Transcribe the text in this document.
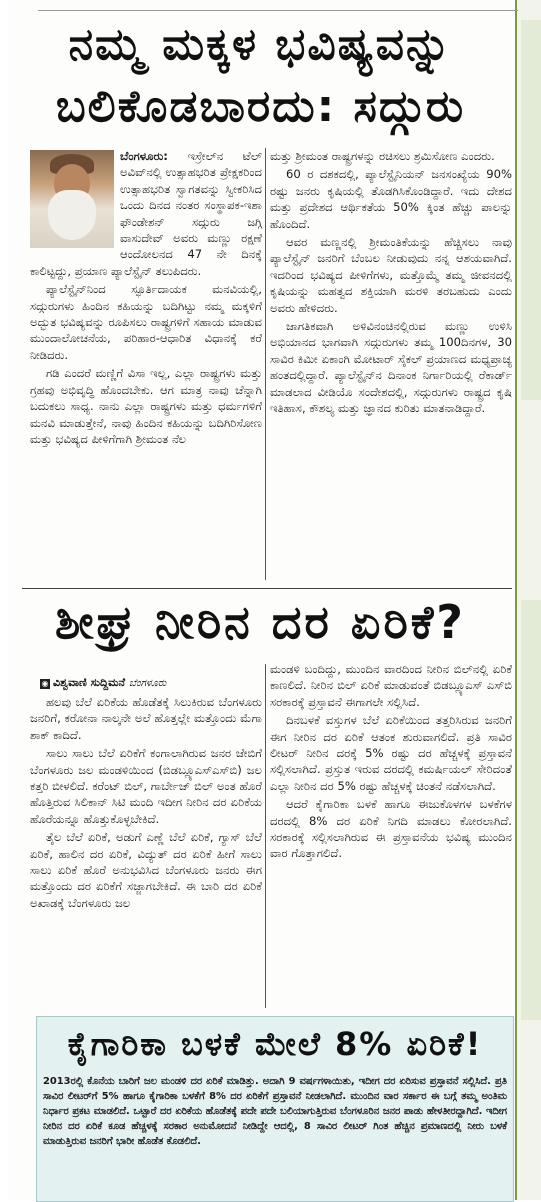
ನಮ್ಮ ಮಕ್ಕಳ ಭವಿಷ್ಯವನ್ನು
ಬಲಿಕೊಡಬಾರದು: ಸದ್ಗುರು

ಬೆಂಗಳೂರು: ಇಸ್ರೇಲ್‌ನ ಟೆಲ್ ಅವಿವ್‌ನಲ್ಲಿ ಉತ್ಸಾಹಭರಿತ ಪ್ರೇಕ್ಷಕರಿಂದ ಉತ್ಸಾಹಭರಿತ ಸ್ವಾಗತವನ್ನು ಸ್ವೀಕರಿಸಿದ ಒಂದು ದಿನದ ನಂತರ ಸಂಸ್ಥಾಪಕ-ಇಶಾ ಫೌಂಡೇಶನ್ ಸದ್ಗುರು ಜಗ್ಗಿ ವಾಸುದೇವ್ ಅವರು ಮಣ್ಣು ರಕ್ಷಣೆ ಆಂದೋಲನದ 47 ನೇ ದಿನಕ್ಕೆ ಕಾಲಿಟ್ಟದ್ದು, ಪ್ರಯಾಣ ಪ್ಯಾಲೆಸ್ಟೈನ್ ತಲುಪಿದರು.

ಪ್ಯಾಲೆಸ್ಟೈನ್‌ನಿಂದ ಸ್ಫೂರ್ತಿದಾಯಕ ಮನವಿಯಲ್ಲಿ, ಸದ್ಗುರುಗಳು ಹಿಂದಿನ ಕಹಿಯನ್ನು ಬದಿಗಿಟ್ಟು ನಮ್ಮ ಮಕ್ಕಳಿಗೆ ಅದ್ಭುತ ಭವಿಷ್ಯವನ್ನು ರೂಪಿಸಲು ರಾಷ್ಟ್ರಗಳಿಗೆ ಸಹಾಯ ಮಾಡುವ ಮುಂದಾಲೋಚನೆಯ, ಪರಿಹಾರ-ಆಧಾರಿತ ವಿಧಾನಕ್ಕೆ ಕರೆ ನೀಡಿದರು.

ಗಡಿ ಎಂದರೆ ಮಣ್ಣಿಗೆ ವಿಸಾ ಇಲ್ಲ, ಎಲ್ಲಾ ರಾಷ್ಟ್ರಗಳು ಮತ್ತು ಗ್ರಹವು ಅಭಿವೃದ್ಧಿ ಹೊಂದಬೇಕು. ಆಗ ಮಾತ್ರ ನಾವು ಚೆನ್ನಾಗಿ ಬದುಕಲು ಸಾಧ್ಯ. ನಾನು ಎಲ್ಲಾ ರಾಷ್ಟ್ರಗಳು ಮತ್ತು ಧರ್ಮಗಳಿಗೆ ಮನವಿ ಮಾಡುತ್ತೇನೆ, ನಾವು ಹಿಂದಿನ ಕಹಿಯನ್ನು ಬದಿಗಿರಿಸೋಣ ಮತ್ತು ಭವಿಷ್ಯದ ಪೀಳಿಗೆಗಾಗಿ ಶ್ರೀಮಂತ ನೆಲ

ಮತ್ತು ಶ್ರೀಮಂತ ರಾಷ್ಟ್ರಗಳನ್ನು ರಚಿಸಲು ಶ್ರಮಿಸೋಣ ಎಂದರು.

60 ರ ದಶಕದಲ್ಲಿ, ಪ್ಯಾಲೆಸ್ಟೈನಿಯನ್ ಜನಸಂಖ್ಯೆಯ 90% ರಷ್ಟು ಜನರು ಕೃಷಿಯಲ್ಲಿ ತೊಡಗಿಸಿಕೊಂಡಿದ್ದಾರೆ. ಇದು ದೇಶದ ಮತ್ತು ಪ್ರದೇಶದ ಆರ್ಥಿಕತೆಯ 50% ಕ್ಕಿಂತ ಹೆಚ್ಚು ಪಾಲನ್ನು ಹೊಂದಿದೆ.

ಆವರ ಮಣ್ಣನಲ್ಲಿ ಶ್ರೀಮಂತಿಕೆಯನ್ನು ಹೆಚ್ಚಿಸಲು ನಾವು ಪ್ಯಾಲೆಸ್ಟೈನ್ ಜನರಿಗೆ ಬೆಂಬಲ ನೀಡುವುದು ನನ್ನ ಆಶಯವಾಗಿದೆ. ಇದರಿಂದ ಭವಿಷ್ಯದ ಪೀಳಿಗೆಗಳು, ಮತ್ತೊಮ್ಮೆ ತಮ್ಮ ಜೀವನದಲ್ಲಿ ಕೃಷಿಯನ್ನು ಮಹತ್ವದ ಶಕ್ತಿಯಾಗಿ ಮರಳಿ ತರಬಹುದು ಎಂದು ಅವರು ಹೇಳಿದರು.

ಜಾಗತಿಕವಾಗಿ ಅಳಿವಿನಂಚಿನಲ್ಲಿರುವ ಮಣ್ಣು ಉಳಿಸಿ ಅಭಿಯಾನದ ಭಾಗವಾಗಿ ಸದ್ಗುರುಗಳು ತಮ್ಮ 100ದಿನಗಳ, 30 ಸಾವಿರ ಕಿಮೀ ಏಕಾಂಗಿ ಮೋಟಾರ್ ಸೈಕಲ್ ಪ್ರಯಾಣದ ಮಧ್ಯಪ್ರಾಚ್ಯ ಹಂತದಲ್ಲಿದ್ದಾರೆ. ಪ್ಯಾಲೆಸ್ಟೈನ್‌ನ ದಿನಾಂಕ ನಿರ್ಗಾರಿಯಲ್ಲಿ ರೆಕಾರ್ಡ್ ಮಾಡಲಾದ ವೀಡಿಯೊ ಸಂದೇಶದಲ್ಲಿ, ಸದ್ಗುರುಗಳು ರಾಷ್ಟ್ರದ ಕೃಷಿ ಇತಿಹಾಸ, ಕೌಶಲ್ಯ ಮತ್ತು ಜ್ಞಾನದ ಕುರಿತು ಮಾತನಾಡಿದ್ದಾರೆ.

ಶೀಘ್ರ ನೀರಿನ ದರ ಏರಿಕೆ?
◉ ವಿಶ್ವವಾಣಿ ಸುದ್ದಿಮನೆ ಬೆಂಗಳೂರು

ಹಲವು ಬೆಲೆ ಏರಿಕೆಯ ಹೊಡೆತಕ್ಕೆ ಸಿಲುಕಿರುವ ಬೆಂಗಳೂರು ಜನರಿಗೆ, ಕರೋನಾ ನಾಲ್ಕನೇ ಅಲೆ ಹೊತ್ತಲ್ಲೇ ಮತ್ತೊಂದು ಮೆಗಾ ಶಾಕ್ ಕಾದಿದೆ.

ಸಾಲು ಸಾಲು ಬೆಲೆ ಏರಿಕೆಗೆ ಕಂಗಾಲಾಗಿರುವ ಜನರ ಜೇಬಿಗೆ ಬೆಂಗಳೂರು ಜಲ ಮಂಡಳಿಯಿಂದ (ಬಿಡಬ್ಲ್ಯೂಎಸ್ಎಸ್‌ಬಿ) ಜಲ ಕತ್ತರಿ ಬೀಳಲಿದೆ. ಕರೆಂಟ್ ಬಿಲ್, ಗಾರ್ಬೇಜ್ ಬಿಲ್ ಅಂತ ಹೊರೆ ಹೊತ್ತಿರುವ ಸಿಲಿಕಾನ್ ಸಿಟಿ ಮಂದಿ ಇದೀಗ ನೀರಿನ ದರ ಏರಿಕೆಯ ಹೊರೆಯನ್ನೂ ಹೊತ್ತುಕೊಳ್ಳಬೇಕಿದೆ.

ತೈಲ ಬೆಲೆ ಏರಿಕೆ, ಅಡುಗೆ ಎಣ್ಣೆ ಬೆಲೆ ಏರಿಕೆ, ಗ್ಯಾಸ್ ಬೆಲೆ ಏರಿಕೆ, ಹಾಲಿನ ದರ ಏರಿಕೆ, ವಿದ್ಯುತ್ ದರ ಏರಿಕೆ ಹೀಗೆ ಸಾಲು ಸಾಲು ಏರಿಕೆ ಹೊರೆ ಅನುಭವಿಸಿದ ಬೆಂಗಳೂರು ಜನರು ಈಗ ಮತ್ತೊಂದು ದರ ಏರಿಕೆಗೆ ಸಜ್ಜಾಗಬೇಕಿದೆ. ಈ ಬಾರಿ ದರ ಏರಿಕೆ ಅಖಾಡಕ್ಕೆ ಬೆಂಗಳೂರು ಜಲ

ಮಂಡಳಿ ಬಂದಿದ್ದು, ಮುಂದಿನ ವಾರದಿಂದ ನೀರಿನ ಬಿಲ್‌ನಲ್ಲಿ ಏರಿಕೆ ಕಾಣಲಿದೆ. ನೀರಿನ ಬಿಲ್ ಏರಿಕೆ ಮಾಡುವಂತೆ ಬಿಡಬ್ಲ್ಯೂಎಸ್ ಎಸ್‌ಬಿ ಸರಕಾರಕ್ಕೆ ಪ್ರಸ್ತಾವನೆ ಈಗಾಗಲೇ ಸಲ್ಲಿಸಿದೆ.

ದಿನಬಳಕೆ ವಸ್ತುಗಳ ಬೆಲೆ ಏರಿಕೆಯಿಂದ ತತ್ತರಿಸಿರುವ ಜನರಿಗೆ ಈಗ ನೀರಿನ ದರ ಏರಿಕೆ ಆತಂಕ ಶುರುವಾಗಲಿದೆ. ಪ್ರತಿ ಸಾವಿರ ಲೀಟರ್ ನೀರಿನ ದರಕ್ಕೆ 5% ರಷ್ಟು ದರ ಹೆಚ್ಚಳಕ್ಕೆ ಪ್ರಸ್ತಾವನೆ ಸಲ್ಲಿಸಲಾಗಿದೆ. ಪ್ರಸ್ತುತ ಇರುವ ದರದಲ್ಲಿ ಕಮರ್ಷಿಯಲ್ ಸೇರಿದಂತೆ ಎಲ್ಲಾ ನೀರಿನ ದರ 5% ರಷ್ಟು ಹೆಚ್ಚಳಕ್ಕೆ ಚಿಂತನೆ ನಡೆಸಲಾಗಿದೆ.

ಆದರೆ ಕೈಗಾರಿಕಾ ಬಳಕೆ ಹಾಗೂ ಈಜುಕೊಳಗಳ ಬಳಕೆಗಳ ದರದಲ್ಲಿ 8% ದರ ಏರಿಕೆ ನಿಗದಿ ಮಾಡಲು ಕೋರಲಾಗಿದೆ. ಸರಕಾರಕ್ಕೆ ಸಲ್ಲಿಸಲಾಗಿರುವ ಈ ಪ್ರಸ್ತಾವನೆಯ ಭವಿಷ್ಯ ಮುಂದಿನ ವಾರ ಗೊತ್ತಾಗಲಿದೆ.

ಕೈಗಾರಿಕಾ ಬಳಕೆ ಮೇಲೆ 8% ಏರಿಕೆ!
2013ರಲ್ಲಿ ಕೊನೆಯ ಬಾರಿಗೆ ಜಲ ಮಂಡಳಿ ದರ ಏರಿಕೆ ಮಾಡಿತ್ತು. ಅದಾಗಿ 9 ವರ್ಷಗಳಾಯಿತು, ಇದೀಗ ದರ ಏರಿಸುವ ಪ್ರಸ್ತಾವನೆ ಸಲ್ಲಿಸಿದೆ. ಪ್ರತಿ ಸಾವಿರ ಲೀಟರ್‌ಗೆ 5% ಹಾಗೂ ಕೈಗಾರಿಕಾ ಬಳಕೆಗೆ 8% ದರ ಏರಿಕೆಗೆ ಪ್ರಸ್ತಾವನೆ ನೀಡಲಾಗಿದೆ. ಮುಂದಿನ ವಾರ ಸರ್ಕಾರ ಈ ಬಗ್ಗೆ ತಮ್ಮ ಅಂತಿಮ ನಿರ್ಧಾರ ಪ್ರಕಟ ಮಾಡಲಿದೆ. ಒಟ್ಟಾರೆ ದರ ಏರಿಕೆಯ ಹೊಡೆತಕ್ಕೆ ಪದೇ ಪದೇ ಬಲಿಯಾಗುತ್ತಿರುವ ಬೆಂಗಳೂರಿನ ಜನರ ಪಾಡು ಹೇಳತೀರದ್ದಾಗಿದೆ. ಇದೀಗ ನೀರಿನ ದರ ಏರಿಕೆ ಕೂಡ ಹೆಚ್ಚಳಕ್ಕೆ ಸರಕಾರ ಅನುಮೋದನೆ ನೀಡಿದ್ದೇ ಆದಲ್ಲಿ, 8 ಸಾವಿರ ಲೀಟರ್ ಗಿಂತ ಹೆಚ್ಚಿನ ಪ್ರಮಾಣದಲ್ಲಿ ನೀರು ಬಳಕೆ ಮಾಡುತ್ತಿರುವ ಜನರಿಗೆ ಭಾರೀ ಹೊಡೆತ ಕೊಡಲಿದೆ.
